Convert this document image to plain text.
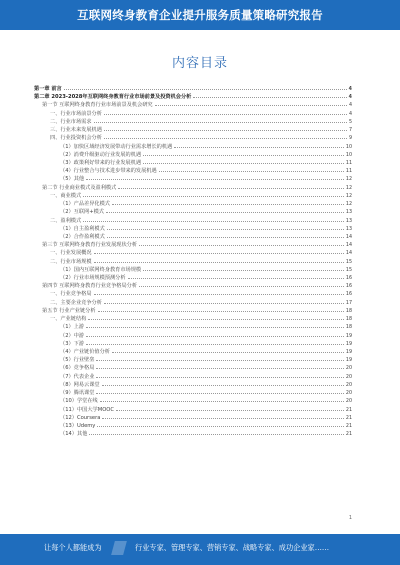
互联网终身教育企业提升服务质量策略研究报告
内容目录
第一章 前言	4
第二章 2023-2028年互联网终身教育行业市场前景及投资机会分析	4
第一节 互联网终身教育行业市场前景及机会研究	4
一、行业市场前景分析	4
二、行业市场需求	5
三、行业未来发展机遇	7
四、行业投资机会分析	9
（1）加快区域经济发展带动行业需求增长的机遇	10
（2）消费升级驱动行业发展的机遇	10
（3）政策利好带来的行业发展机遇	11
（4）行业整合与技术进步带来的发展机遇	11
（5）其他	12
第二节 行业商业模式及盈利模式	12
一、商业模式	12
（1）产品差异化模式	12
（2）互联网+模式	13
二、盈利模式	13
（1）自主盈利模式	13
（2）合作盈利模式	14
第三节 互联网终身教育行业发展现状分析	14
一、行业发展概况	14
二、行业市场规模	15
（1）国内互联网终身教育市场规模	15
（2）行业市场规模预测分析	16
第四节 互联网终身教育行业竞争格局分析	16
一、行业竞争格局	16
二、主要企业竞争分析	17
第五节 行业产业链分析	18
一、产业链结构	18
（1）上游	18
（2）中游	19
（3）下游	19
（4）产业链价值分析	19
（5）行业壁垒	19
（6）竞争格局	20
（7）代表企业	20
（8）网易云课堂	20
（9）腾讯课堂	20
（10）学堂在线	20
（11）中国大学MOOC	21
（12）Coursera	21
（13）Udemy	21
（14）其他	21
1
让每个人都能成为	行业专家、管理专家、营销专家、战略专家、成功企业家……
